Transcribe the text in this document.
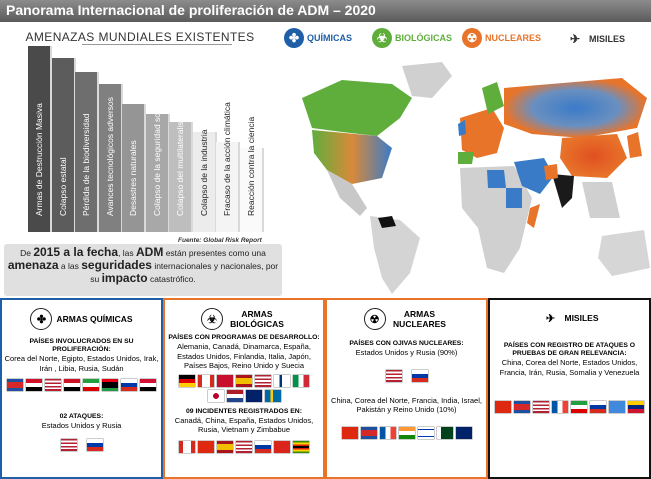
Panorama Internacional de proliferación de ADM – 2020
AMENAZAS MUNDIALES EXISTENTES
Armas de Destrucción Masiva Colapso estatal Pérdida de la biodiversidad Avances tecnológicos adversos Desastres naturales Colapso de la seguridad social Colapso del multilateralismo Colapso de la industria Fracaso de la acción climática Reacción contra la ciencia
Fuente: Global Risk Report
De 2015 a la fecha, las ADM están presentes como una amenaza a las seguridades internacionales y nacionales, por su impacto catastrófico.
✤ QUÍMICAS	☣ BIOLÓGICAS	☢ NUCLEARES	✈ MISILES
✤	ARMAS QUÍMICAS
PAÍSES INVOLUCRADOS EN SU PROLIFERACIÓN:
Corea del Norte, Egipto, Estados Unidos, Irak, Irán , Libia, Rusia, Sudán
02 ATAQUES:
Estados Unidos y Rusia
☣	ARMAS BIOLÓGICAS
PAÍSES CON PROGRAMAS DE DESARROLLO:
Alemania, Canadá, Dinamarca, España, Estados Unidos, Finlandia, Italia, Japón, Países Bajos, Reino Unido y Suecia
09 INCIDENTES REGISTRADOS EN:
Canadá, China, España, Estados Unidos, Rusia, Vietnam y Zimbabue
☢	ARMAS NUCLEARES
PAÍSES CON OJIVAS NUCLEARES:
Estados Unidos y Rusia (90%)
China, Corea del Norte, Francia, India, Israel, Pakistán y Reino Unido (10%)
✈	MISILES
PAÍSES CON REGISTRO DE ATAQUES O PRUEBAS DE GRAN RELEVANCIA:
China, Corea del Norte, Estados Unidos, Francia, Irán, Rusia, Somalia y Venezuela
